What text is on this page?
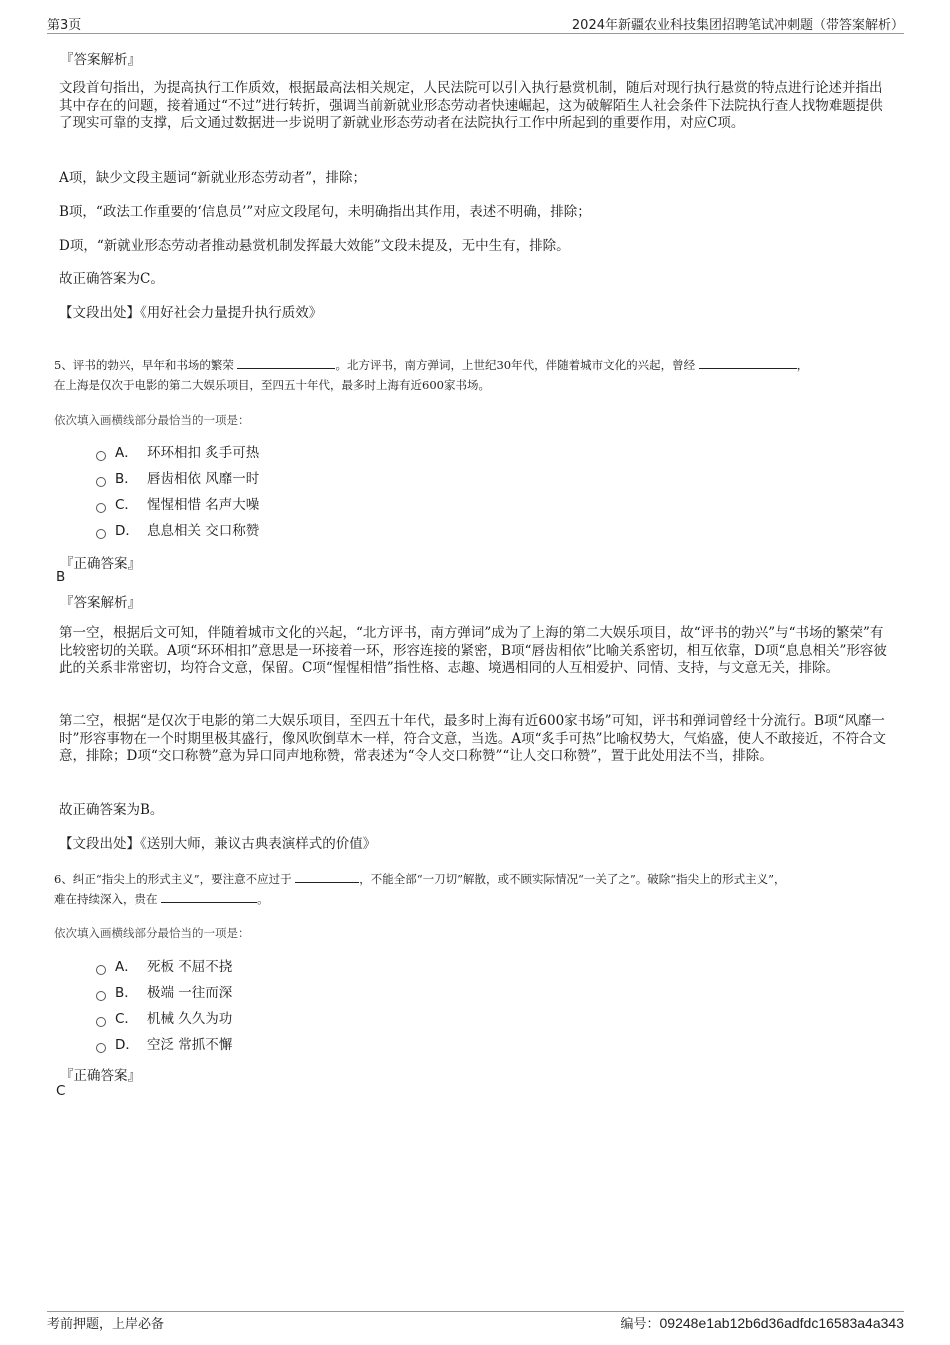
第3页	2024年新疆农业科技集团招聘笔试冲刺题（带答案解析）
『答案解析』
文段首句指出，为提高执行工作质效，根据最高法相关规定，人民法院可以引入执行悬赏机制，随后对现行执行悬赏的特点进行论述并指出其中存在的问题，接着通过“不过”进行转折，强调当前新就业形态劳动者快速崛起，这为破解陌生人社会条件下法院执行查人找物难题提供了现实可靠的支撑，后文通过数据进一步说明了新就业形态劳动者在法院执行工作中所起到的重要作用，对应C项。
A项，缺少文段主题词“新就业形态劳动者”，排除；
B项，“政法工作重要的‘信息员’”对应文段尾句，未明确指出其作用，表述不明确，排除；
D项，“新就业形态劳动者推动悬赏机制发挥最大效能”文段未提及，无中生有，排除。
故正确答案为C。
【文段出处】《用好社会力量提升执行质效》
5、评书的勃兴，早年和书场的繁荣	。北方评书，南方弹词，上世纪30年代，伴随着城市文化的兴起，曾经	，
在上海是仅次于电影的第二大娱乐项目，至四五十年代，最多时上海有近600家书场。
依次填入画横线部分最恰当的一项是：
A． 环环相扣 炙手可热
B． 唇齿相依 风靡一时
C． 惺惺相惜 名声大噪
D． 息息相关 交口称赞
『正确答案』
B
『答案解析』
第一空，根据后文可知，伴随着城市文化的兴起，“北方评书，南方弹词”成为了上海的第二大娱乐项目，故“评书的勃兴”与“书场的繁荣”有比较密切的关联。A项“环环相扣”意思是一环接着一环，形容连接的紧密，B项“唇齿相依”比喻关系密切，相互依靠，D项“息息相关”形容彼此的关系非常密切，均符合文意，保留。C项“惺惺相惜”指性格、志趣、境遇相同的人互相爱护、同情、支持，与文意无关，排除。
第二空，根据“是仅次于电影的第二大娱乐项目，至四五十年代，最多时上海有近600家书场”可知，评书和弹词曾经十分流行。B项“风靡一时”形容事物在一个时期里极其盛行，像风吹倒草木一样，符合文意，当选。A项“炙手可热”比喻权势大，气焰盛，使人不敢接近，不符合文意，排除；D项“交口称赞”意为异口同声地称赞，常表述为“令人交口称赞”“让人交口称赞”，置于此处用法不当，排除。
故正确答案为B。
【文段出处】《送别大师，兼议古典表演样式的价值》
6、纠正“指尖上的形式主义”，要注意不应过于	，不能全部“一刀切”解散，或不顾实际情况“一关了之”。破除“指尖上的形式主义”，
难在持续深入，贵在	。
依次填入画横线部分最恰当的一项是：
A． 死板 不屈不挠
B． 极端 一往而深
C． 机械 久久为功
D． 空泛 常抓不懈
『正确答案』
C
考前押题，上岸必备	编号：09248e1ab12b6d36adfdc16583a4a343
